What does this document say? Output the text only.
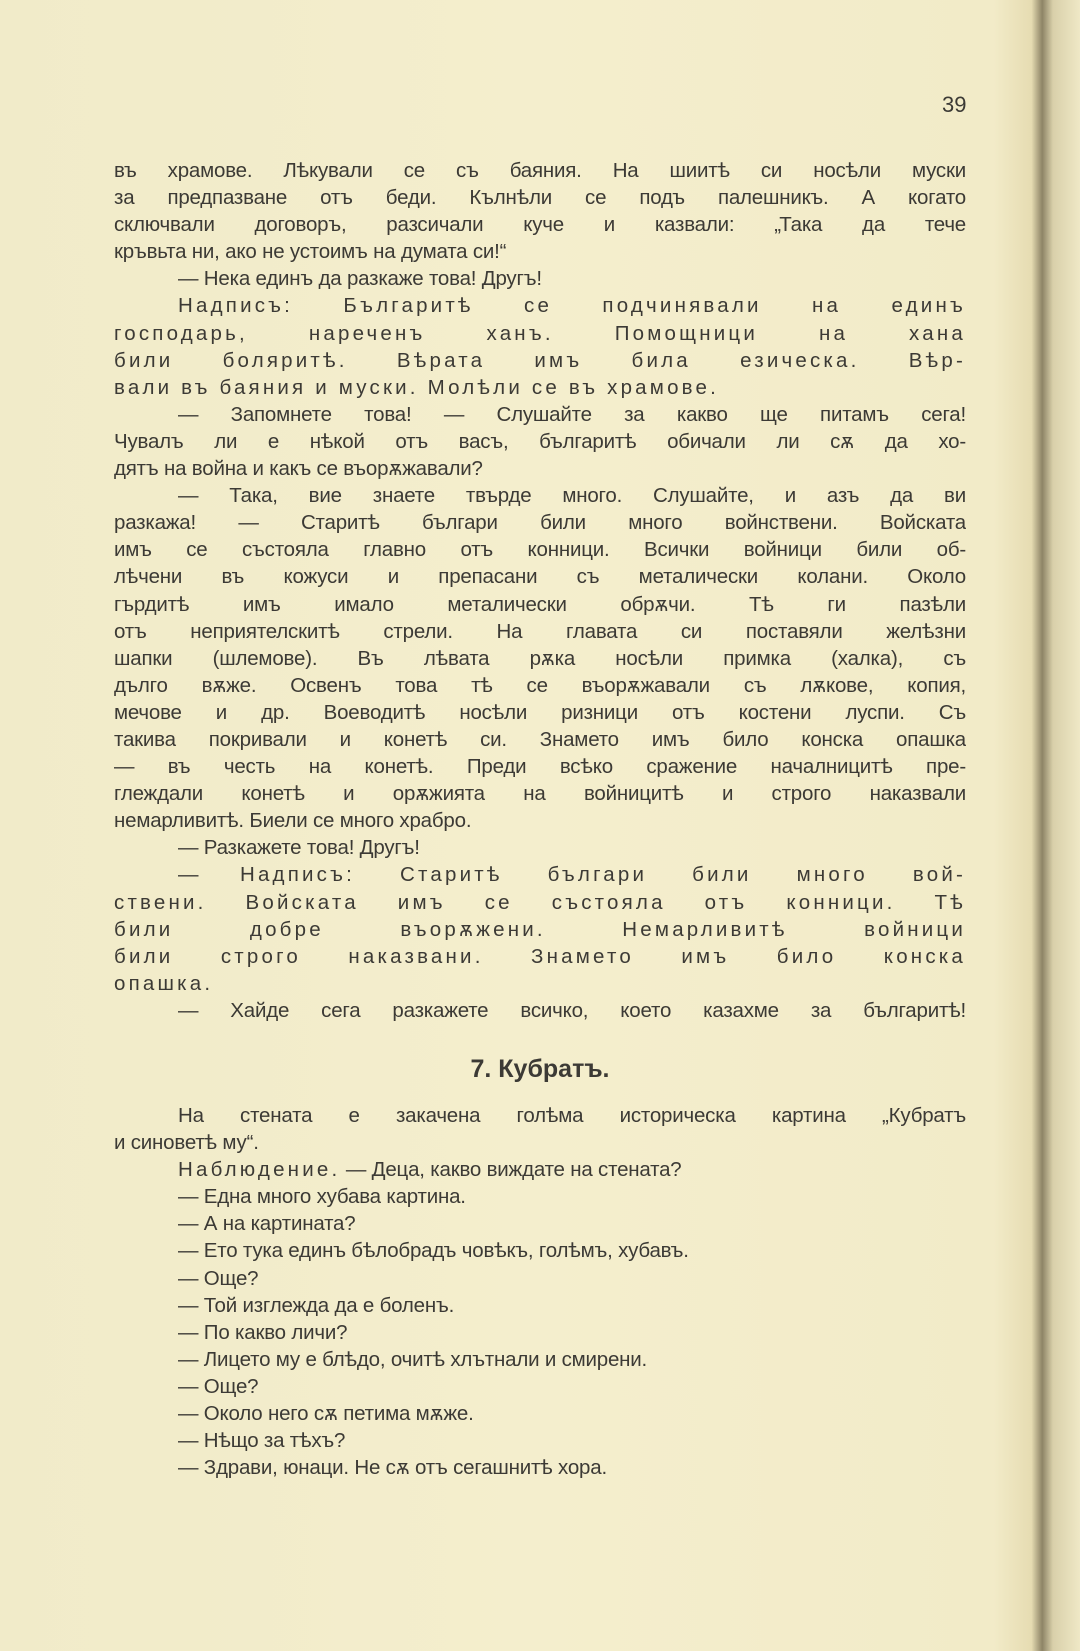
39
въ храмове. Лѣкували се съ баяния. На шиитѣ си носѣли муски
за предпазване отъ беди. Кълнѣли се подъ палешникъ. А когато
сключвали договоръ, разсичали куче и казвали: „Така да тече
кръвьта ни, ако не устоимъ на думата си!“
— Нека единъ да разкаже това! Другъ!
Надписъ: Българитѣ се подчинявали на единъ
господарь, нареченъ ханъ. Помощници на хана
били боляритѣ. Вѣрата имъ била езическа. Вѣр-
вали въ баяния и муски. Молѣли се въ храмове.
— Запомнете това! — Слушайте за какво ще питамъ сега!
Чувалъ ли е нѣкой отъ васъ, българитѣ обичали ли сѫ да хо-
дятъ на война и какъ се въорѫжавали?
— Така, вие знаете твърде много. Слушайте, и азъ да ви
разкажа! — Старитѣ българи били много войнствени. Войската
имъ се състояла главно отъ конници. Всички войници били об-
лѣчени въ кожуси и препасани съ металически колани. Около
гърдитѣ имъ имало металически обрѫчи. Тѣ ги пазѣли
отъ неприятелскитѣ стрели. На главата си поставяли желѣзни
шапки (шлемове). Въ лѣвата рѫка носѣли примка (халка), съ
дълго вѫже. Освенъ това тѣ се въорѫжавали съ лѫкове, копия,
мечове и др. Воеводитѣ носѣли ризници отъ костени луспи. Съ
такива покривали и конетѣ си. Знамето имъ било конска опашка
— въ честь на конетѣ. Преди всѣко сражение началницитѣ пре-
глеждали конетѣ и орѫжията на войницитѣ и строго наказвали
немарливитѣ. Биели се много храбро.
— Разкажете това! Другъ!
— Надписъ: Старитѣ българи били много вой-
ствени. Войската имъ се състояла отъ конници. Тѣ
били добре въорѫжени. Немарливитѣ войници
били строго наказвани. Знамето имъ било конска
опашка.
— Хайде сега разкажете всичко, което казахме за българитѣ!
7. Кубратъ.
На стената е закачена голѣма историческа картина „Кубратъ
и синоветѣ му“.
Наблюдение. — Деца, какво виждате на стената?
— Една много хубава картина.
— А на картината?
— Ето тука единъ бѣлобрадъ човѣкъ, голѣмъ, хубавъ.
— Още?
— Той изглежда да е боленъ.
— По какво личи?
— Лицето му е блѣдо, очитѣ хлътнали и смирени.
— Още?
— Около него сѫ петима мѫже.
— Нѣщо за тѣхъ?
— Здрави, юнаци. Не сѫ отъ сегашнитѣ хора.
